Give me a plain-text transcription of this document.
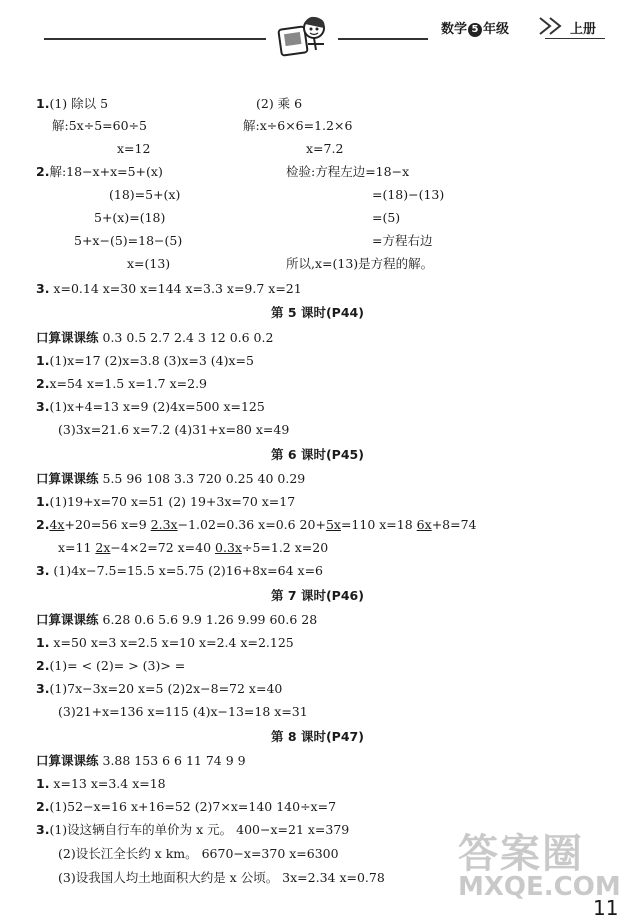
数学 5 年级	上册
1.(1) 除以 5	(2) 乘 6
解:5x÷5=60÷5	解:x÷6×6=1.2×6
x=12	x=7.2
2.解:18−x+x=5+(x)	检验:方程左边=18−x
(18)=5+(x)	=(18)−(13)
5+(x)=(18)	=(5)
5+x−(5)=18−(5)	=方程右边
x=(13)	所以,x=(13)是方程的解。
3. x=0.14 x=30 x=144 x=3.3 x=9.7 x=21
第 5 课时(P44)
口算课课练 0.3 0.5 2.7 2.4 3 12 0.6 0.2
1.(1)x=17 (2)x=3.8 (3)x=3 (4)x=5
2.x=54 x=1.5 x=1.7 x=2.9
3.(1)x+4=13 x=9 (2)4x=500 x=125
(3)3x=21.6 x=7.2 (4)31+x=80 x=49
第 6 课时(P45)
口算课课练 5.5 96 108 3.3 720 0.25 40 0.29
1.(1)19+x=70 x=51 (2) 19+3x=70 x=17
2.4x+20=56 x=9 2.3x−1.02=0.36 x=0.6 20+5x=110 x=18 6x+8=74
x=11 2x−4×2=72 x=40 0.3x÷5=1.2 x=20
3. (1)4x−7.5=15.5 x=5.75 (2)16+8x=64 x=6
第 7 课时(P46)
口算课课练 6.28 0.6 5.6 9.9 1.26 9.99 60.6 28
1. x=50 x=3 x=2.5 x=10 x=2.4 x=2.125
2.(1)= < (2)= > (3)> =
3.(1)7x−3x=20 x=5 (2)2x−8=72 x=40
(3)21+x=136 x=115 (4)x−13=18 x=31
第 8 课时(P47)
口算课课练 3.88 153 6 6 11 74 9 9
1. x=13 x=3.4 x=18
2.(1)52−x=16 x+16=52 (2)7×x=140 140÷x=7
3.(1)设这辆自行车的单价为 x 元。 400−x=21 x=379
(2)设长江全长约 x km。 6670−x=370 x=6300
(3)设我国人均土地面积大约是 x 公顷。 3x=2.34 x=0.78
答案圈
MXQE.COM
11
